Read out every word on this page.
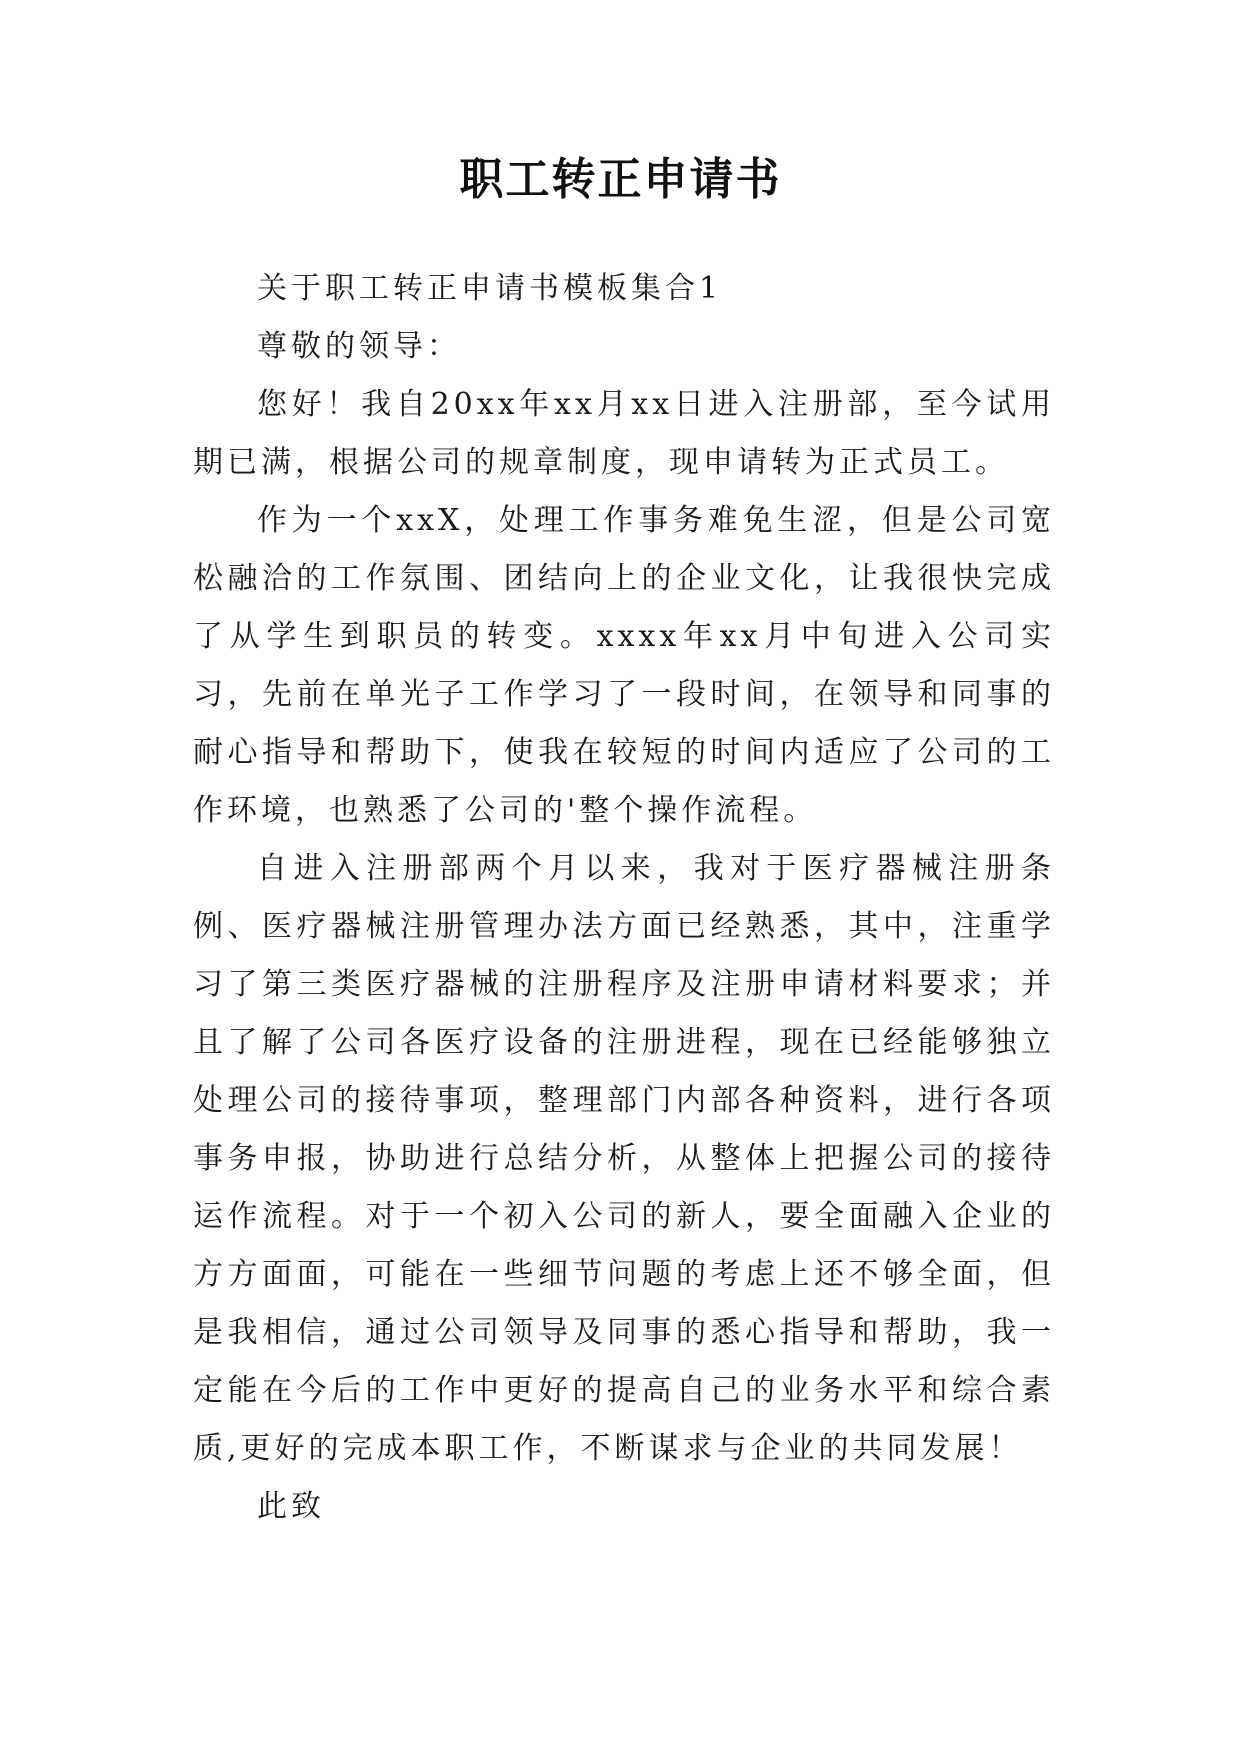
职工转正申请书

关于职工转正申请书模板集合1

尊敬的领导：

您好！我自20xx年xx月xx日进入注册部，至今试用期已满，根据公司的规章制度，现申请转为正式员工。

作为一个xxX，处理工作事务难免生涩，但是公司宽松融洽的工作氛围、团结向上的企业文化，让我很快完成了从学生到职员的转变。xxxx年xx月中旬进入公司实习，先前在单光子工作学习了一段时间，在领导和同事的耐心指导和帮助下，使我在较短的时间内适应了公司的工作环境，也熟悉了公司的'整个操作流程。

自进入注册部两个月以来，我对于医疗器械注册条例、医疗器械注册管理办法方面已经熟悉，其中，注重学习了第三类医疗器械的注册程序及注册申请材料要求；并且了解了公司各医疗设备的注册进程，现在已经能够独立处理公司的接待事项，整理部门内部各种资料，进行各项事务申报，协助进行总结分析，从整体上把握公司的接待运作流程。对于一个初入公司的新人，要全面融入企业的方方面面，可能在一些细节问题的考虑上还不够全面，但是我相信，通过公司领导及同事的悉心指导和帮助，我一定能在今后的工作中更好的提高自己的业务水平和综合素质,更好的完成本职工作，不断谋求与企业的共同发展！

此致
